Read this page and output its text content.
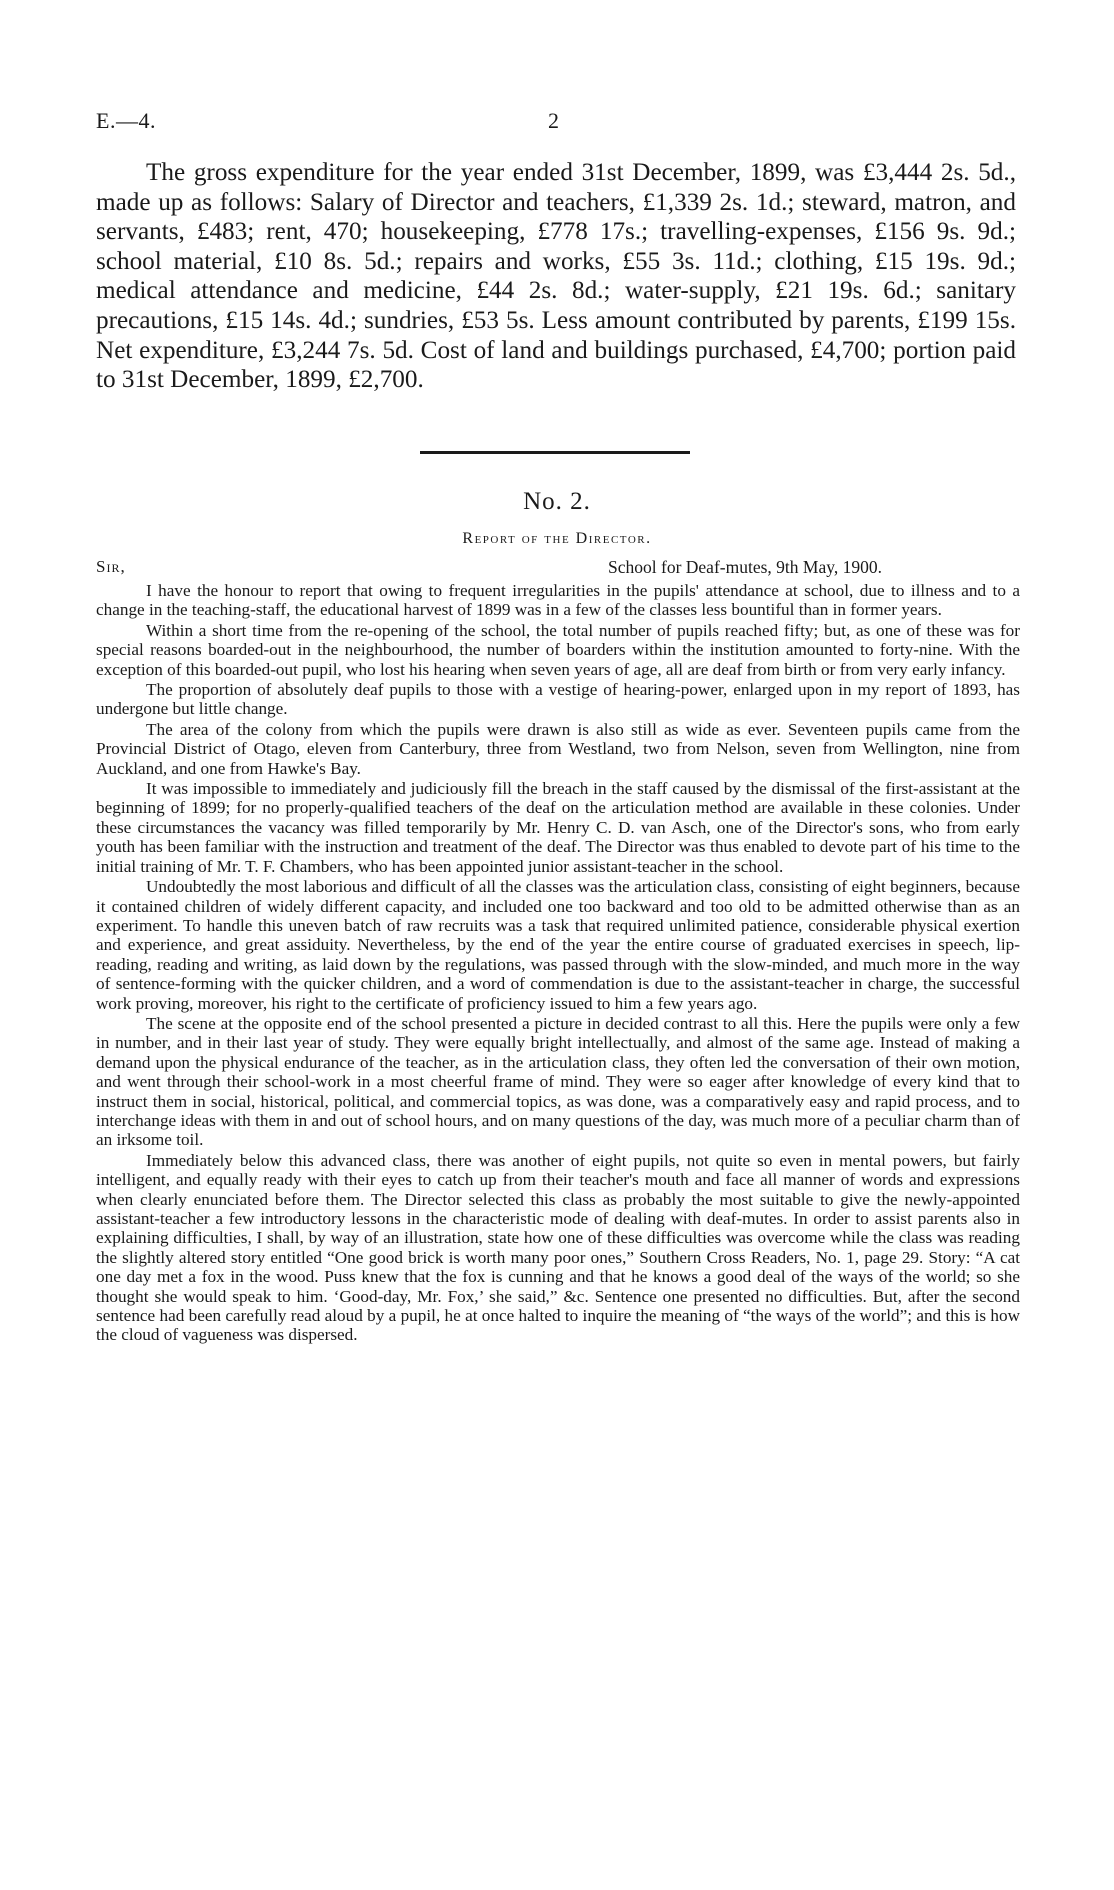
E.—4.	2

The gross expenditure for the year ended 31st December, 1899, was £3,444 2s. 5d., made up as follows: Salary of Director and teachers, £1,339 2s. 1d.; steward, matron, and servants, £483; rent, 470; housekeeping, £778 17s.; travelling-expenses, £156 9s. 9d.; school material, £10 8s. 5d.; repairs and works, £55 3s. 11d.; clothing, £15 19s. 9d.; medical attendance and medicine, £44 2s. 8d.; water-supply, £21 19s. 6d.; sanitary precautions, £15 14s. 4d.; sundries, £53 5s. Less amount contributed by parents, £199 15s. Net expenditure, £3,244 7s. 5d. Cost of land and buildings purchased, £4,700; portion paid to 31st December, 1899, £2,700.

No. 2.
Report of the Director.
Sir,	School for Deaf-mutes, 9th May, 1900.

I have the honour to report that owing to frequent irregularities in the pupils' attendance at school, due to illness and to a change in the teaching-staff, the educational harvest of 1899 was in a few of the classes less bountiful than in former years.

Within a short time from the re-opening of the school, the total number of pupils reached fifty; but, as one of these was for special reasons boarded-out in the neighbourhood, the number of boarders within the institution amounted to forty-nine. With the exception of this boarded-out pupil, who lost his hearing when seven years of age, all are deaf from birth or from very early infancy.

The proportion of absolutely deaf pupils to those with a vestige of hearing-power, enlarged upon in my report of 1893, has undergone but little change.

The area of the colony from which the pupils were drawn is also still as wide as ever. Seventeen pupils came from the Provincial District of Otago, eleven from Canterbury, three from Westland, two from Nelson, seven from Wellington, nine from Auckland, and one from Hawke's Bay.

It was impossible to immediately and judiciously fill the breach in the staff caused by the dismissal of the first-assistant at the beginning of 1899; for no properly-qualified teachers of the deaf on the articulation method are available in these colonies. Under these circumstances the vacancy was filled temporarily by Mr. Henry C. D. van Asch, one of the Director's sons, who from early youth has been familiar with the instruction and treatment of the deaf. The Director was thus enabled to devote part of his time to the initial training of Mr. T. F. Chambers, who has been appointed junior assistant-teacher in the school.

Undoubtedly the most laborious and difficult of all the classes was the articulation class, consisting of eight beginners, because it contained children of widely different capacity, and included one too backward and too old to be admitted otherwise than as an experiment. To handle this uneven batch of raw recruits was a task that required unlimited patience, considerable physical exertion and experience, and great assiduity. Nevertheless, by the end of the year the entire course of graduated exercises in speech, lip-reading, reading and writing, as laid down by the regulations, was passed through with the slow-minded, and much more in the way of sentence-forming with the quicker children, and a word of commendation is due to the assistant-teacher in charge, the successful work proving, moreover, his right to the certificate of proficiency issued to him a few years ago.

The scene at the opposite end of the school presented a picture in decided contrast to all this. Here the pupils were only a few in number, and in their last year of study. They were equally bright intellectually, and almost of the same age. Instead of making a demand upon the physical endurance of the teacher, as in the articulation class, they often led the conversation of their own motion, and went through their school-work in a most cheerful frame of mind. They were so eager after knowledge of every kind that to instruct them in social, historical, political, and commercial topics, as was done, was a comparatively easy and rapid process, and to interchange ideas with them in and out of school hours, and on many questions of the day, was much more of a peculiar charm than of an irksome toil.

Immediately below this advanced class, there was another of eight pupils, not quite so even in mental powers, but fairly intelligent, and equally ready with their eyes to catch up from their teacher's mouth and face all manner of words and expressions when clearly enunciated before them. The Director selected this class as probably the most suitable to give the newly-appointed assistant-teacher a few introductory lessons in the characteristic mode of dealing with deaf-mutes. In order to assist parents also in explaining difficulties, I shall, by way of an illustration, state how one of these difficulties was overcome while the class was reading the slightly altered story entitled “One good brick is worth many poor ones,” Southern Cross Readers, No. 1, page 29. Story: “A cat one day met a fox in the wood. Puss knew that the fox is cunning and that he knows a good deal of the ways of the world; so she thought she would speak to him. ‘Good-day, Mr. Fox,’ she said,” &c. Sentence one presented no difficulties. But, after the second sentence had been carefully read aloud by a pupil, he at once halted to inquire the meaning of “the ways of the world”; and this is how the cloud of vagueness was dispersed.
